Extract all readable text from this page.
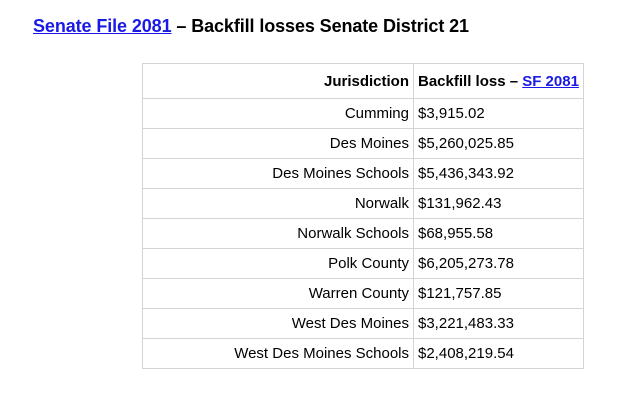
Senate File 2081 – Backfill losses Senate District 21
Jurisdiction	Backfill loss – SF 2081
Cumming	$3,915.02
Des Moines	$5,260,025.85
Des Moines Schools	$5,436,343.92
Norwalk	$131,962.43
Norwalk Schools	$68,955.58
Polk County	$6,205,273.78
Warren County	$121,757.85
West Des Moines	$3,221,483.33
West Des Moines Schools	$2,408,219.54
